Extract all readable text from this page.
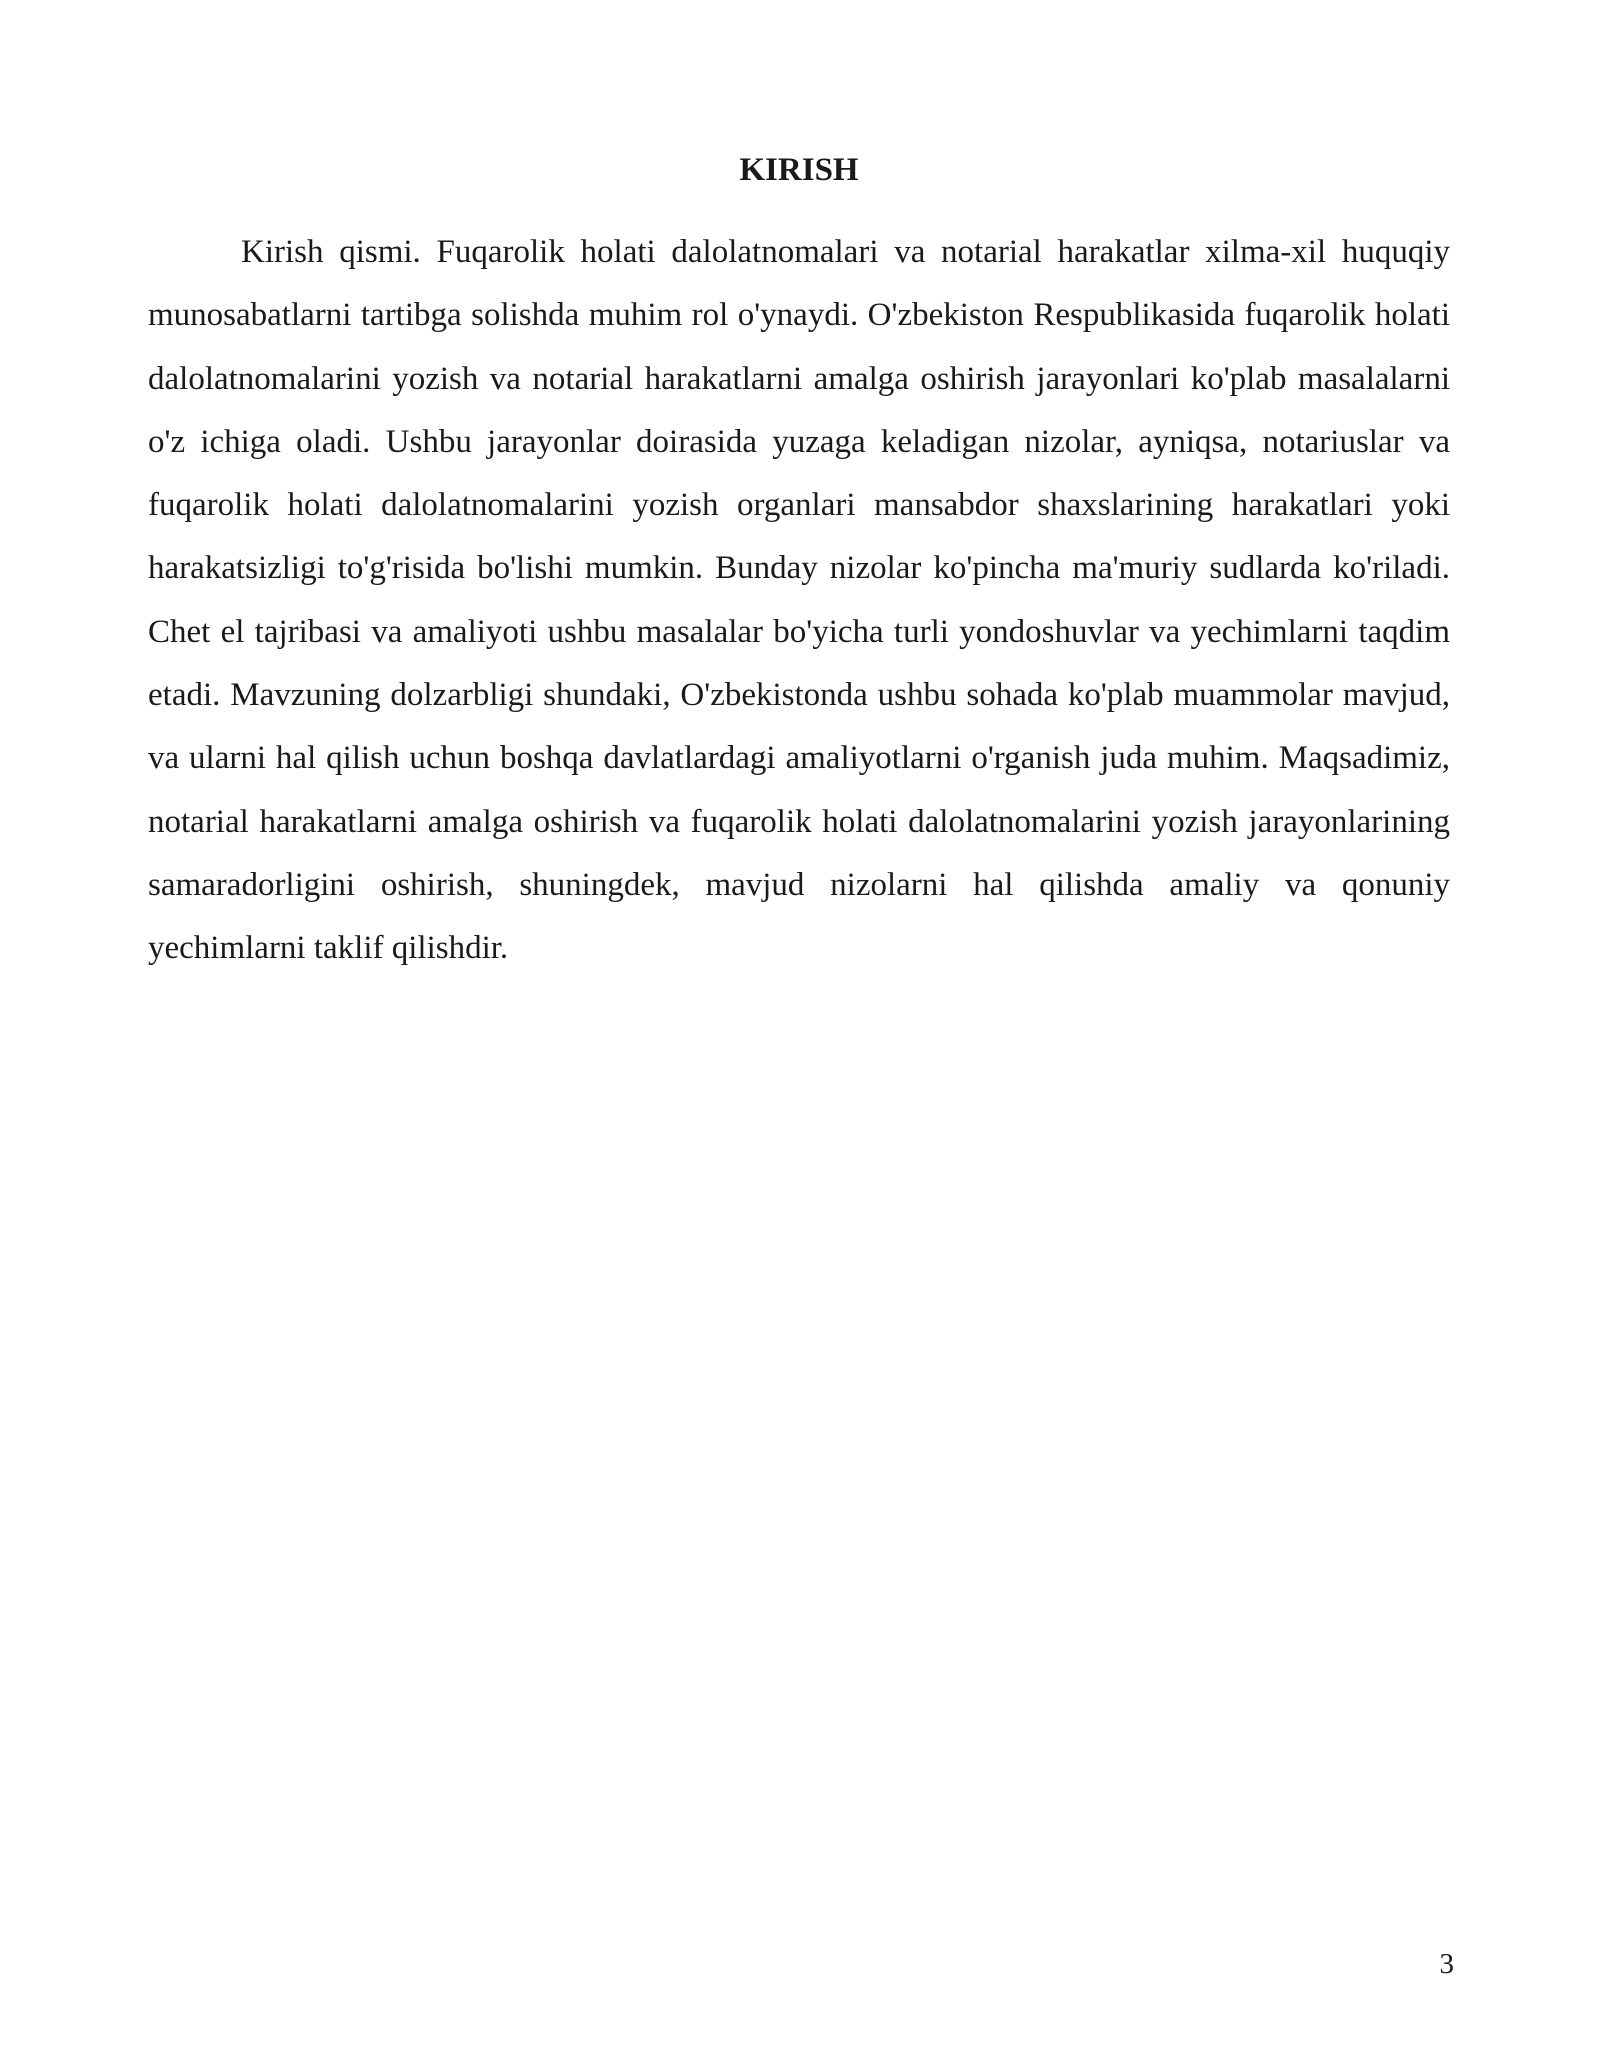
KIRISH

Kirish qismi. Fuqarolik holati dalolatnomalari va notarial harakatlar xilma-xil huquqiy munosabatlarni tartibga solishda muhim rol o'ynaydi. O'zbekiston Respublikasida fuqarolik holati dalolatnomalarini yozish va notarial harakatlarni amalga oshirish jarayonlari ko'plab masalalarni o'z ichiga oladi. Ushbu jarayonlar doirasida yuzaga keladigan nizolar, ayniqsa, notariuslar va fuqarolik holati dalolatnomalarini yozish organlari mansabdor shaxslarining harakatlari yoki harakatsizligi to'g'risida bo'lishi mumkin. Bunday nizolar ko'pincha ma'muriy sudlarda ko'riladi. Chet el tajribasi va amaliyoti ushbu masalalar bo'yicha turli yondoshuvlar va yechimlarni taqdim etadi. Mavzuning dolzarbligi shundaki, O'zbekistonda ushbu sohada ko'plab muammolar mavjud, va ularni hal qilish uchun boshqa davlatlardagi amaliyotlarni o'rganish juda muhim. Maqsadimiz, notarial harakatlarni amalga oshirish va fuqarolik holati dalolatnomalarini yozish jarayonlarining samaradorligini oshirish, shuningdek, mavjud nizolarni hal qilishda amaliy va qonuniy yechimlarni taklif qilishdir.

3
